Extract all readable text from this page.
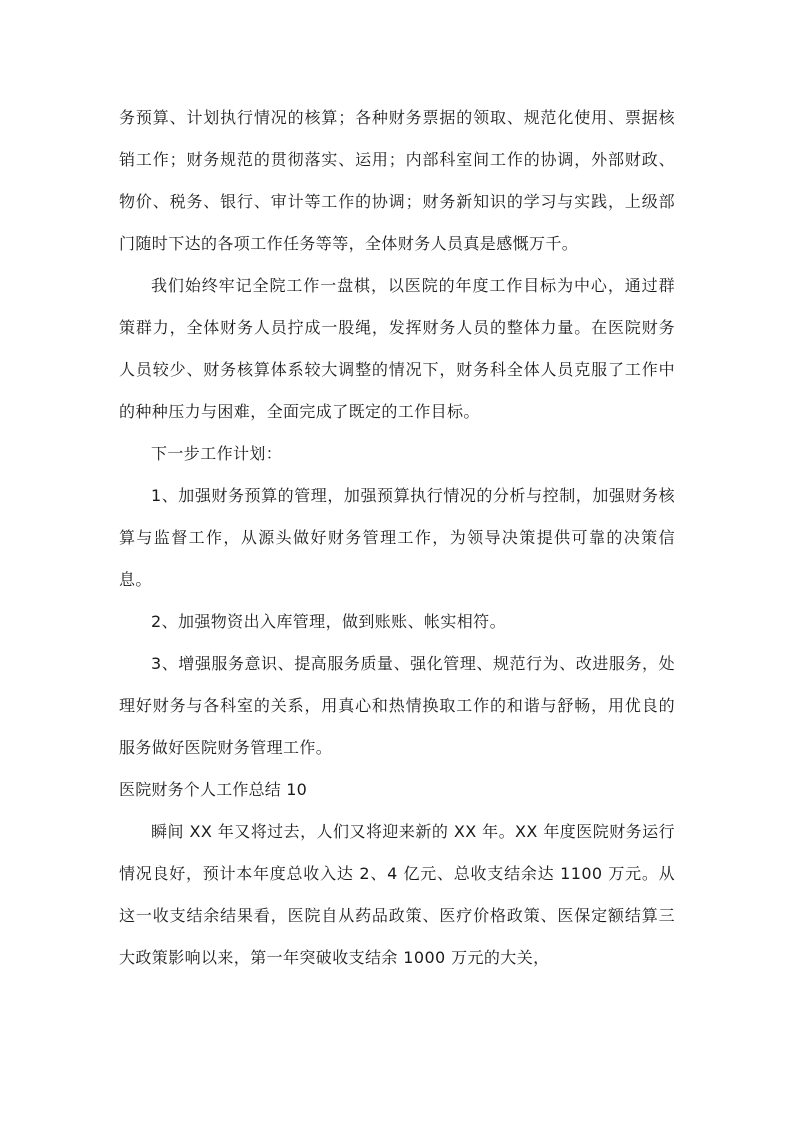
务预算、计划执行情况的核算；各种财务票据的领取、规范化使用、票据核销工作；财务规范的贯彻落实、运用；内部科室间工作的协调，外部财政、物价、税务、银行、审计等工作的协调；财务新知识的学习与实践，上级部门随时下达的各项工作任务等等，全体财务人员真是感慨万千。

我们始终牢记全院工作一盘棋，以医院的年度工作目标为中心，通过群策群力，全体财务人员拧成一股绳，发挥财务人员的整体力量。在医院财务人员较少、财务核算体系较大调整的情况下，财务科全体人员克服了工作中的种种压力与困难，全面完成了既定的工作目标。

下一步工作计划：

1、加强财务预算的管理，加强预算执行情况的分析与控制，加强财务核算与监督工作，从源头做好财务管理工作，为领导决策提供可靠的决策信息。

2、加强物资出入库管理，做到账账、帐实相符。

3、增强服务意识、提高服务质量、强化管理、规范行为、改进服务，处理好财务与各科室的关系，用真心和热情换取工作的和谐与舒畅，用优良的服务做好医院财务管理工作。

医院财务个人工作总结 10

瞬间 XX 年又将过去，人们又将迎来新的 XX 年。XX 年度医院财务运行情况良好，预计本年度总收入达 2、4 亿元、总收支结余达 1100 万元。从这一收支结余结果看，医院自从药品政策、医疗价格政策、医保定额结算三大政策影响以来，第一年突破收支结余 1000 万元的大关，
